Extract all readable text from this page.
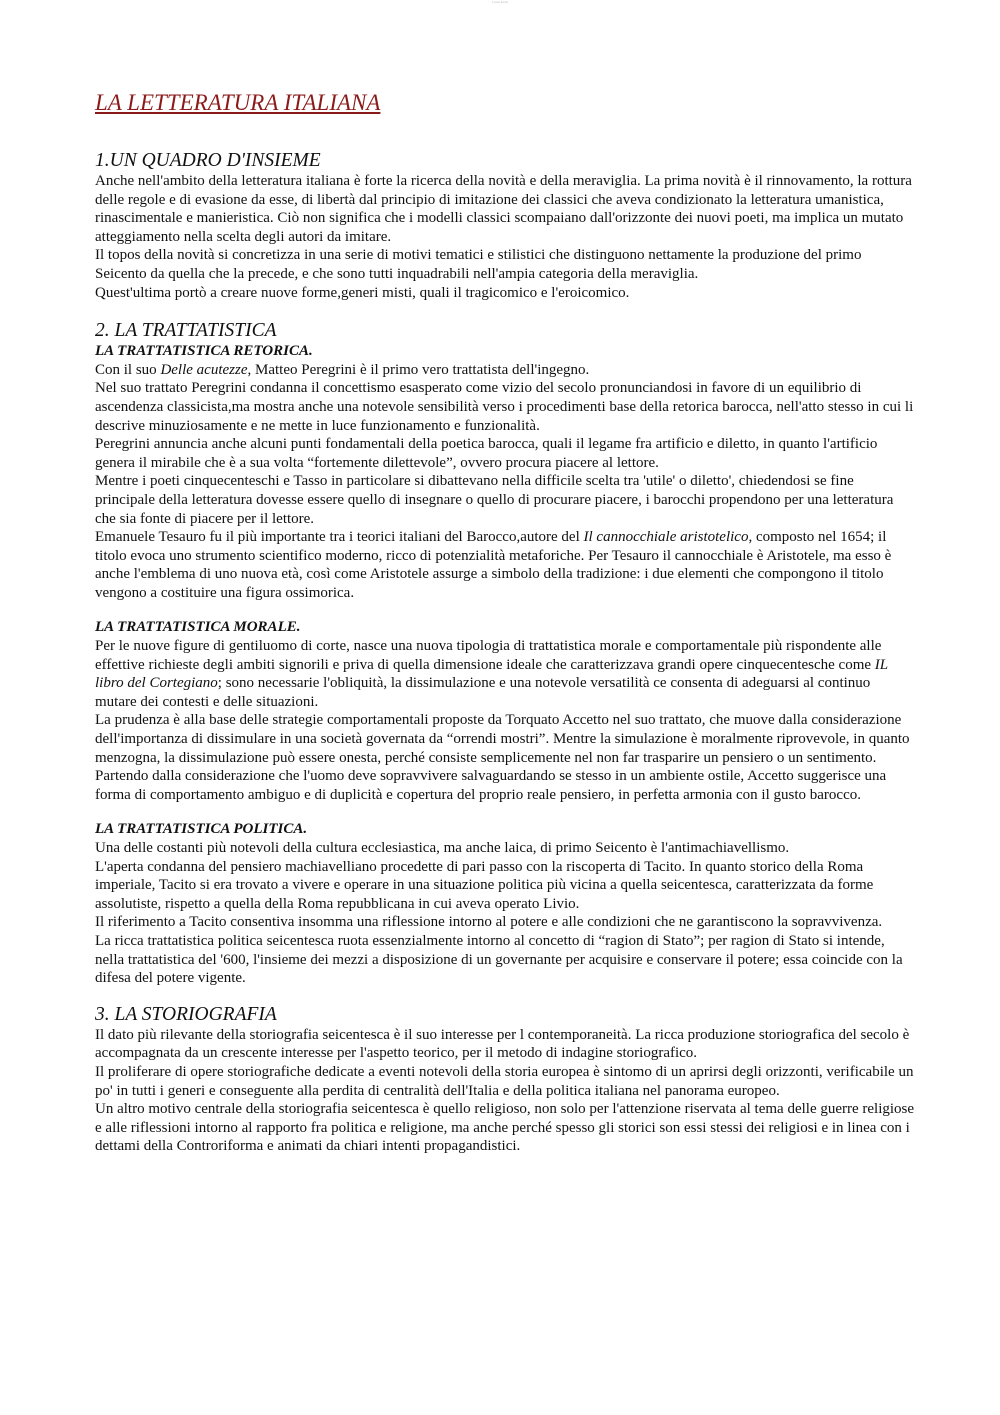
Lorem ipsum
LA LETTERATURA ITALIANA
1.UN QUADRO D'INSIEME

Anche nell'ambito della letteratura italiana è forte la ricerca della novità e della meraviglia. La prima novità è il rinnovamento, la rottura delle regole e di evasione da esse, di libertà dal principio di imitazione dei classici che aveva condizionato la letteratura umanistica, rinascimentale e manieristica. Ciò non significa che i modelli classici scompaiano dall'orizzonte dei nuovi poeti, ma implica un mutato atteggiamento nella scelta degli autori da imitare.

Il topos della novità si concretizza in una serie di motivi tematici e stilistici che distinguono nettamente la produzione del primo Seicento da quella che la precede, e che sono tutti inquadrabili nell'ampia categoria della meraviglia.

Quest'ultima portò a creare nuove forme,generi misti, quali il tragicomico e l'eroicomico.

2. LA TRATTATISTICA
LA TRATTATISTICA RETORICA.

Con il suo Delle acutezze, Matteo Peregrini è il primo vero trattatista dell'ingegno.

Nel suo trattato Peregrini condanna il concettismo esasperato come vizio del secolo pronunciandosi in favore di un equilibrio di ascendenza classicista,ma mostra anche una notevole sensibilità verso i procedimenti base della retorica barocca, nell'atto stesso in cui li descrive minuziosamente e ne mette in luce funzionamento e funzionalità.

Peregrini annuncia anche alcuni punti fondamentali della poetica barocca, quali il legame fra artificio e diletto, in quanto l'artificio genera il mirabile che è a sua volta “fortemente dilettevole”, ovvero procura piacere al lettore.

Mentre i poeti cinquecenteschi e Tasso in particolare si dibattevano nella difficile scelta tra 'utile' o diletto', chiedendosi se fine principale della letteratura dovesse essere quello di insegnare o quello di procurare piacere, i barocchi propendono per una letteratura che sia fonte di piacere per il lettore.

Emanuele Tesauro fu il più importante tra i teorici italiani del Barocco,autore del Il cannocchiale aristotelico, composto nel 1654; il titolo evoca uno strumento scientifico moderno, ricco di potenzialità metaforiche. Per Tesauro il cannocchiale è Aristotele, ma esso è anche l'emblema di uno nuova età, così come Aristotele assurge a simbolo della tradizione: i due elementi che compongono il titolo vengono a costituire una figura ossimorica.

LA TRATTATISTICA MORALE.

Per le nuove figure di gentiluomo di corte, nasce una nuova tipologia di trattatistica morale e comportamentale più rispondente alle effettive richieste degli ambiti signorili e priva di quella dimensione ideale che caratterizzava grandi opere cinquecentesche come IL libro del Cortegiano; sono necessarie l'obliquità, la dissimulazione e una notevole versatilità ce consenta di adeguarsi al continuo mutare dei contesti e delle situazioni.

La prudenza è alla base delle strategie comportamentali proposte da Torquato Accetto nel suo trattato, che muove dalla considerazione dell'importanza di dissimulare in una società governata da “orrendi mostri”. Mentre la simulazione è moralmente riprovevole, in quanto menzogna, la dissimulazione può essere onesta, perché consiste semplicemente nel non far trasparire un pensiero o un sentimento.

Partendo dalla considerazione che l'uomo deve sopravvivere salvaguardando se stesso in un ambiente ostile, Accetto suggerisce una forma di comportamento ambiguo e di duplicità e copertura del proprio reale pensiero, in perfetta armonia con il gusto barocco.

LA TRATTATISTICA POLITICA.

Una delle costanti più notevoli della cultura ecclesiastica, ma anche laica, di primo Seicento è l'antimachiavellismo.

L'aperta condanna del pensiero machiavelliano procedette di pari passo con la riscoperta di Tacito. In quanto storico della Roma imperiale, Tacito si era trovato a vivere e operare in una situazione politica più vicina a quella seicentesca, caratterizzata da forme assolutiste, rispetto a quella della Roma repubblicana in cui aveva operato Livio.

Il riferimento a Tacito consentiva insomma una riflessione intorno al potere e alle condizioni che ne garantiscono la sopravvivenza.

La ricca trattatistica politica seicentesca ruota essenzialmente intorno al concetto di “ragion di Stato”; per ragion di Stato si intende, nella trattatistica del '600, l'insieme dei mezzi a disposizione di un governante per acquisire e conservare il potere; essa coincide con la difesa del potere vigente.

3. LA STORIOGRAFIA

Il dato più rilevante della storiografia seicentesca è il suo interesse per l contemporaneità. La ricca produzione storiografica del secolo è accompagnata da un crescente interesse per l'aspetto teorico, per il metodo di indagine storiografico.

Il proliferare di opere storiografiche dedicate a eventi notevoli della storia europea è sintomo di un aprirsi degli orizzonti, verificabile un po' in tutti i generi e conseguente alla perdita di centralità dell'Italia e della politica italiana nel panorama europeo.

Un altro motivo centrale della storiografia seicentesca è quello religioso, non solo per l'attenzione riservata al tema delle guerre religiose e alle riflessioni intorno al rapporto fra politica e religione, ma anche perché spesso gli storici son essi stessi dei religiosi e in linea con i dettami della Controriforma e animati da chiari intenti propagandistici.
